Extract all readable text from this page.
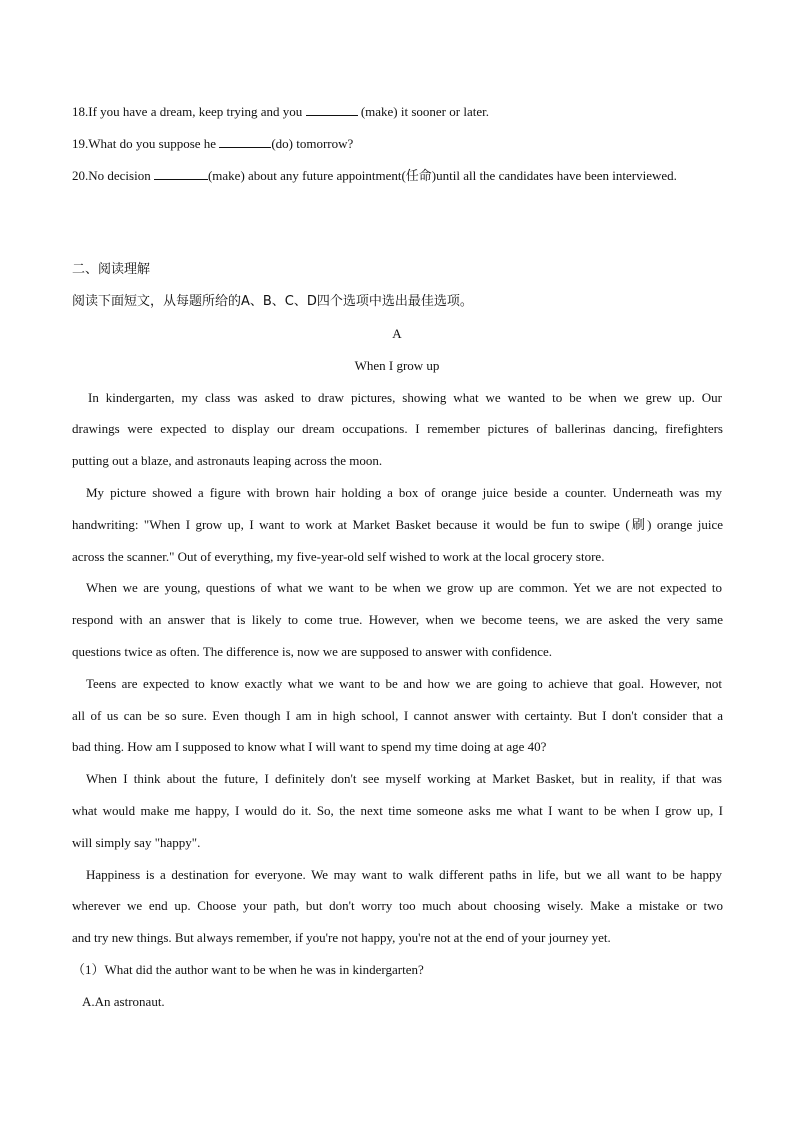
18.If you have a dream, keep trying and you	(make) it sooner or later.
19.What do you suppose he	(do) tomorrow?
20.No decision	(make) about any future appointment(任命)until all the candidates have been interviewed.
二、阅读理解
阅读下面短文，从每题所给的A、B、C、D四个选项中选出最佳选项。
A
When I grow up
In kindergarten, my class was asked to draw pictures, showing what we wanted to be when we grew up. Our
drawings were expected to display our dream occupations. I remember pictures of ballerinas dancing, firefighters
putting out a blaze, and astronauts leaping across the moon.
My picture showed a figure with brown hair holding a box of orange juice beside a counter. Underneath was my
handwriting: "When I grow up, I want to work at Market Basket because it would be fun to swipe (刷) orange juice
across the scanner." Out of everything, my five-year-old self wished to work at the local grocery store.
When we are young, questions of what we want to be when we grow up are common. Yet we are not expected to
respond with an answer that is likely to come true. However, when we become teens, we are asked the very same
questions twice as often. The difference is, now we are supposed to answer with confidence.
Teens are expected to know exactly what we want to be and how we are going to achieve that goal. However, not
all of us can be so sure. Even though I am in high school, I cannot answer with certainty. But I don't consider that a
bad thing. How am I supposed to know what I will want to spend my time doing at age 40?
When I think about the future, I definitely don't see myself working at Market Basket, but in reality, if that was
what would make me happy, I would do it. So, the next time someone asks me what I want to be when I grow up, I
will simply say "happy".
Happiness is a destination for everyone. We may want to walk different paths in life, but we all want to be happy
wherever we end up. Choose your path, but don't worry too much about choosing wisely. Make a mistake or two
and try new things. But always remember, if you're not happy, you're not at the end of your journey yet.
（1）What did the author want to be when he was in kindergarten?
A.An astronaut.
